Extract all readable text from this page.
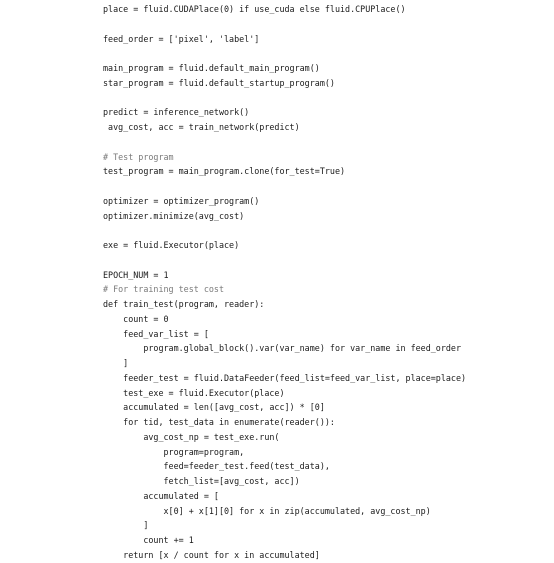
place = fluid.CUDAPlace(0) if use_cuda else fluid.CPUPlace()
feed_order = ['pixel', 'label']
main_program = fluid.default_main_program()
star_program = fluid.default_startup_program()
predict = inference_network()
avg_cost, acc = train_network(predict)
# Test program
test_program = main_program.clone(for_test=True)
optimizer = optimizer_program()
optimizer.minimize(avg_cost)
exe = fluid.Executor(place)
EPOCH_NUM = 1
# For training test cost
def train_test(program, reader):
count = 0
feed_var_list = [
program.global_block().var(var_name) for var_name in feed_order
]
feeder_test = fluid.DataFeeder(feed_list=feed_var_list, place=place)
test_exe = fluid.Executor(place)
accumulated = len([avg_cost, acc]) * [0]
for tid, test_data in enumerate(reader()):
avg_cost_np = test_exe.run(
program=program,
feed=feeder_test.feed(test_data),
fetch_list=[avg_cost, acc])
accumulated = [
x[0] + x[1][0] for x in zip(accumulated, avg_cost_np)
]
count += 1
return [x / count for x in accumulated]
